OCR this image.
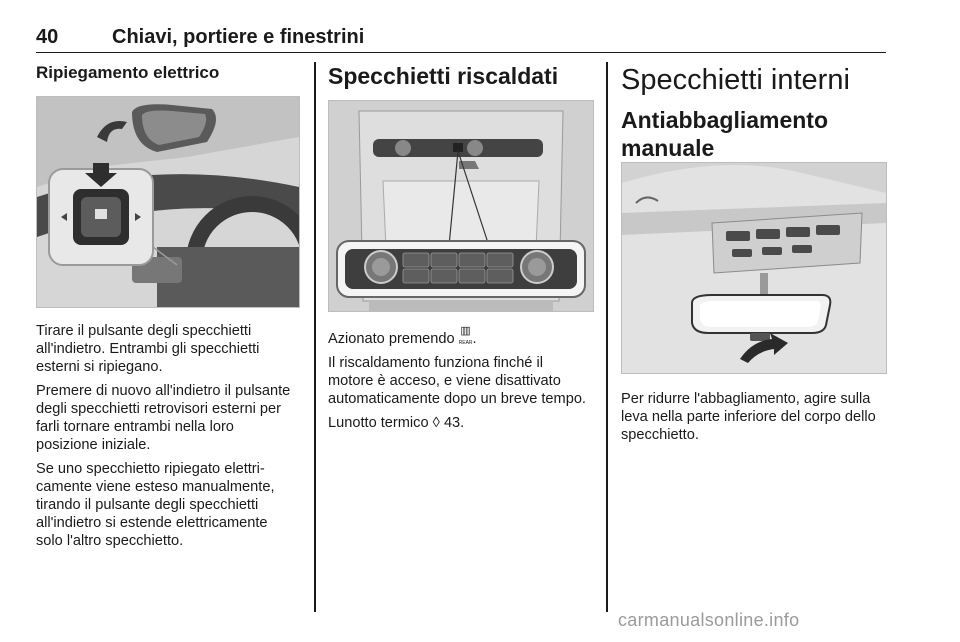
40	Chiavi, portiere e finestrini
Ripiegamento elettrico

Tirare il pulsante degli specchietti all'indietro. Entrambi gli specchietti esterni si ripiegano.

Premere di nuovo all'indietro il pulsante degli specchietti retrovisori esterni per farli tornare entrambi nella loro posizione iniziale.

Se uno specchietto ripiegato elettri-camente viene esteso manualmente, tirando il pulsante degli specchietti all'indietro si estende elettricamente solo l'altro specchietto.

Specchietti riscaldati

Azionato premendo ▥
REAR.

Il riscaldamento funziona finché il motore è acceso, e viene disattivato automaticamente dopo un breve tempo.

Lunotto termico ◊ 43.

Specchietti interni
Antiabbagliamento manuale

Per ridurre l'abbagliamento, agire sulla leva nella parte inferiore del corpo dello specchietto.

carmanualsonline.info
